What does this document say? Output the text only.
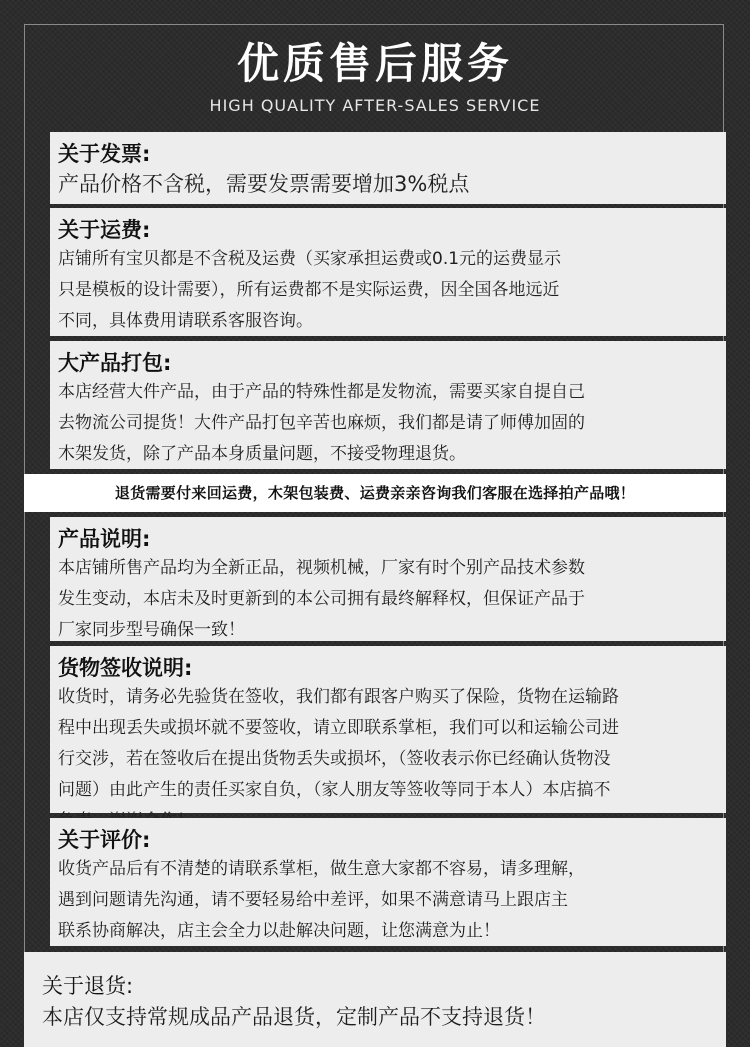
优质售后服务
HIGH QUALITY AFTER-SALES SERVICE
关于发票:
产品价格不含税，需要发票需要增加3%税点
关于运费:
店铺所有宝贝都是不含税及运费（买家承担运费或0.1元的运费显示
只是模板的设计需要），所有运费都不是实际运费，因全国各地远近
不同，具体费用请联系客服咨询。
大产品打包:
本店经营大件产品，由于产品的特殊性都是发物流，需要买家自提自己
去物流公司提货！大件产品打包辛苦也麻烦，我们都是请了师傅加固的
木架发货，除了产品本身质量问题，不接受物理退货。
退货需要付来回运费，木架包装费、运费亲亲咨询我们客服在选择拍产品哦！
产品说明:
本店铺所售产品均为全新正品，视频机械，厂家有时个别产品技术参数
发生变动，本店未及时更新到的本公司拥有最终解释权，但保证产品于
厂家同步型号确保一致！
货物签收说明:
收货时，请务必先验货在签收，我们都有跟客户购买了保险，货物在运输路
程中出现丢失或损坏就不要签收，请立即联系掌柜，我们可以和运输公司进
行交涉，若在签收后在提出货物丢失或损坏，（签收表示你已经确认货物没
问题）由此产生的责任买家自负，（家人朋友等签收等同于本人）本店搞不

关于评价:
收货产品后有不清楚的请联系掌柜，做生意大家都不容易，请多理解，
遇到问题请先沟通，请不要轻易给中差评，如果不满意请马上跟店主
联系协商解决，店主会全力以赴解决问题，让您满意为止！
关于退货:
本店仅支持常规成品产品退货，定制产品不支持退货！
